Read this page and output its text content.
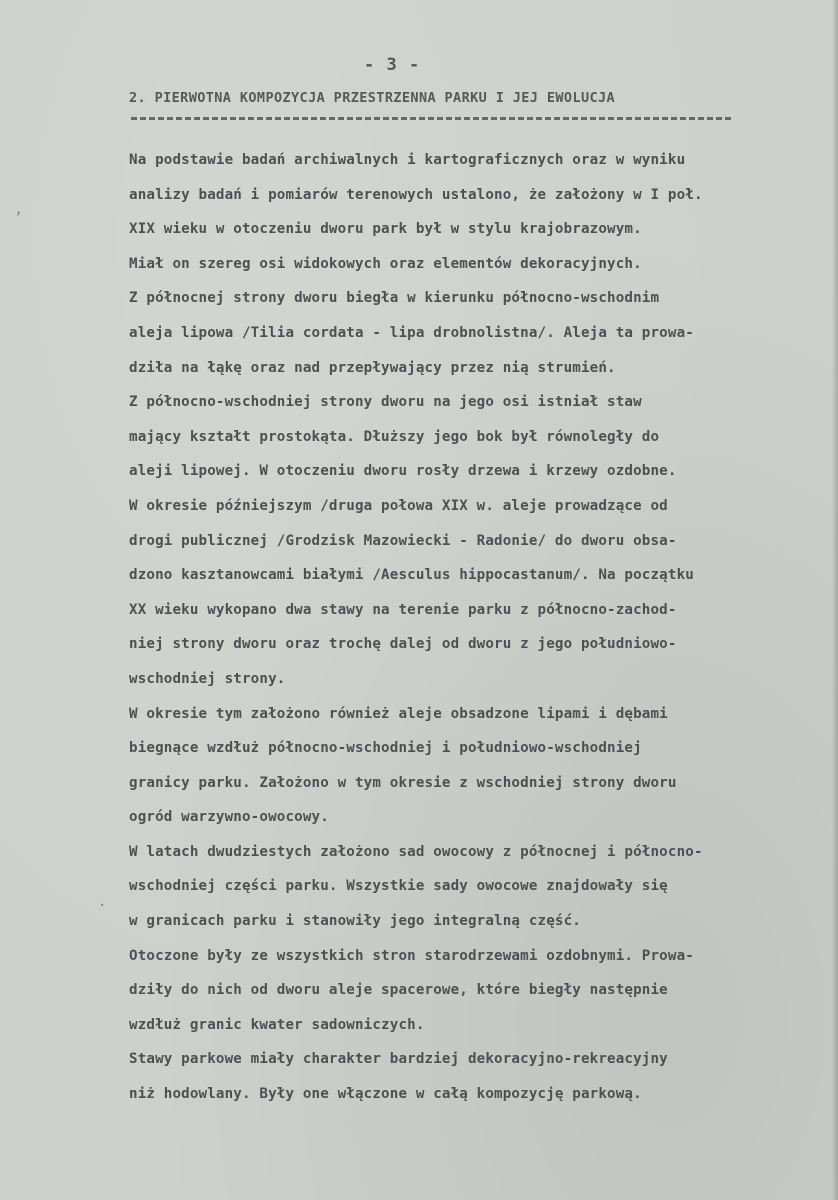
- 3 -
2. PIERWOTNA KOMPOZYCJA PRZESTRZENNA PARKU I JEJ EWOLUCJA
Na podstawie badań archiwalnych i kartograficznych oraz w wyniku
analizy badań i pomiarów terenowych ustalono, że założony w I poł.
XIX wieku w otoczeniu dworu park był w stylu krajobrazowym.
Miał on szereg osi widokowych oraz elementów dekoracyjnych.
Z północnej strony dworu biegła w kierunku północno-wschodnim
aleja lipowa /Tilia cordata - lipa drobnolistna/. Aleja ta prowa-
dziła na łąkę oraz nad przepływający przez nią strumień.
Z północno-wschodniej strony dworu na jego osi istniał staw
mający kształt prostokąta. Dłuższy jego bok był równoległy do
aleji lipowej. W otoczeniu dworu rosły drzewa i krzewy ozdobne.
W okresie późniejszym /druga połowa XIX w. aleje prowadzące od
drogi publicznej /Grodzisk Mazowiecki - Radonie/ do dworu obsa-
dzono kasztanowcami białymi /Aesculus hippocastanum/. Na początku
XX wieku wykopano dwa stawy na terenie parku z północno-zachod-
niej strony dworu oraz trochę dalej od dworu z jego południowo-
wschodniej strony.
W okresie tym założono również aleje obsadzone lipami i dębami
biegnące wzdłuż północno-wschodniej i południowo-wschodniej
granicy parku. Założono w tym okresie z wschodniej strony dworu
ogród warzywno-owocowy.
W latach dwudziestych założono sad owocowy z północnej i północno-
wschodniej części parku. Wszystkie sady owocowe znajdowały się
w granicach parku i stanowiły jego integralną część.
Otoczone były ze wszystkich stron starodrzewami ozdobnymi. Prowa-
dziły do nich od dworu aleje spacerowe, które biegły następnie
wzdłuż granic kwater sadowniczych.
Stawy parkowe miały charakter bardziej dekoracyjno-rekreacyjny
niż hodowlany. Były one włączone w całą kompozycję parkową.
ʼ
·
